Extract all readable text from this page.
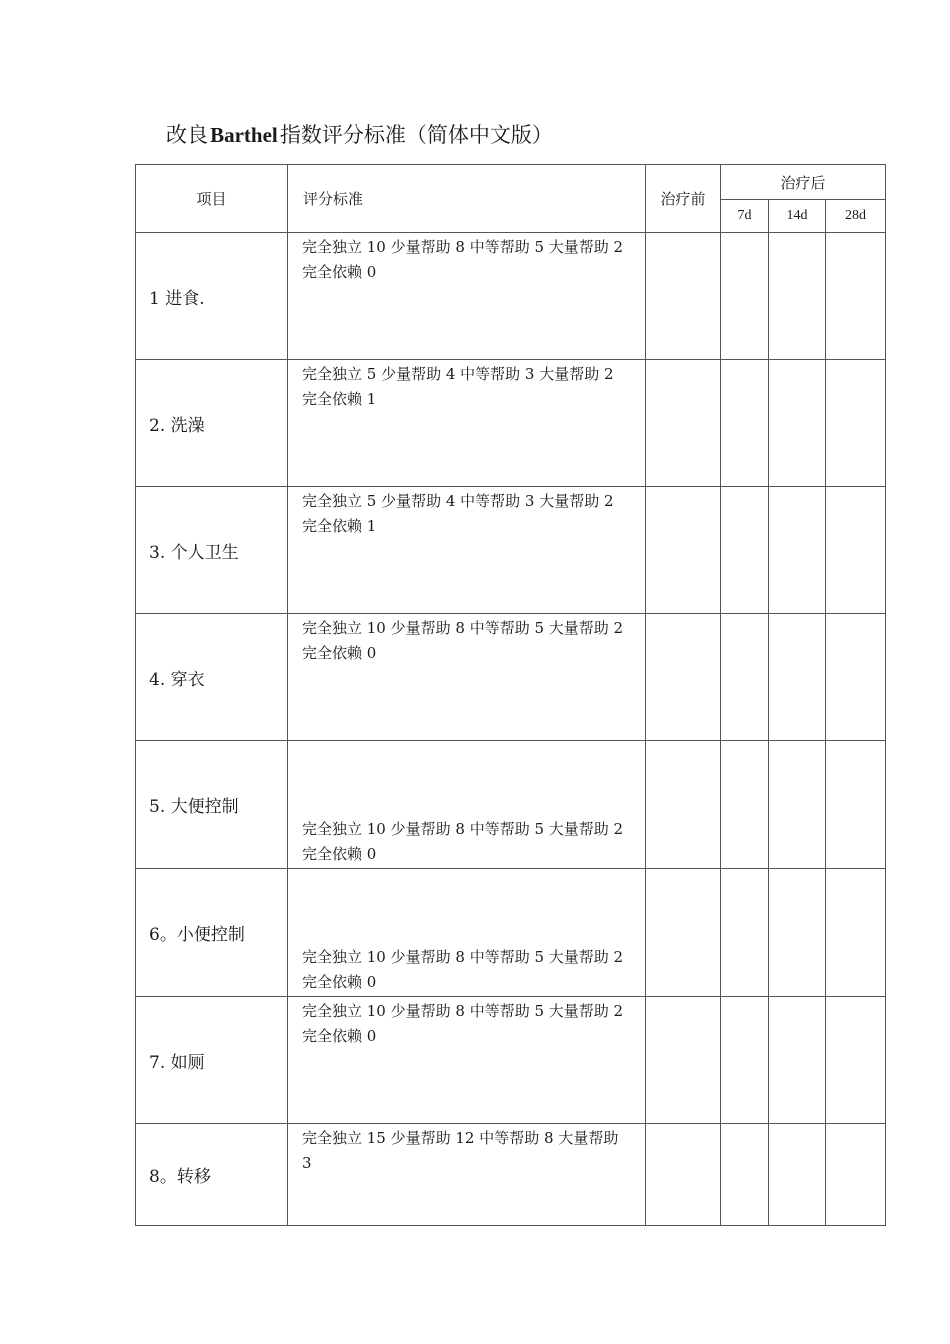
改良 Barthel 指数评分标准（简体中文版）
项目	评分标准	治疗前	治疗后		
			7d	14d	28d
1 进食.	完全独立 10 少量帮助 8 中等帮助 5 大量帮助 2
完全依赖 0				

2. 洗澡	完全独立 5 少量帮助 4 中等帮助 3 大量帮助 2
完全依赖 1				

3. 个人卫生	完全独立 5 少量帮助 4 中等帮助 3 大量帮助 2
完全依赖 1				

4. 穿衣	完全独立 10 少量帮助 8 中等帮助 5 大量帮助 2
完全依赖 0				

5. 大便控制	完全独立 10 少量帮助 8 中等帮助 5 大量帮助 2
完全依赖 0				

6。小便控制	完全独立 10 少量帮助 8 中等帮助 5 大量帮助 2
完全依赖 0				

7. 如厕	完全独立 10 少量帮助 8 中等帮助 5 大量帮助 2
完全依赖 0				

8。转移	完全独立 15 少量帮助 12 中等帮助 8 大量帮助
3				
